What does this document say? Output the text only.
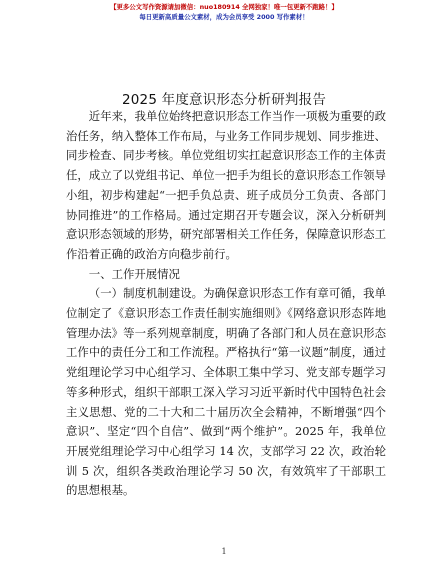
【更多公文写作资源请加微信：nuo180914 全网独家！唯一包更新不跑路！】
每日更新高质量公文素材，成为会员享受 2000 写作素材！
2025 年度意识形态分析研判报告

近年来，我单位始终把意识形态工作当作一项极为重要的政治任务，纳入整体工作布局，与业务工作同步规划、同步推进、同步检查、同步考核。单位党组切实扛起意识形态工作的主体责任，成立了以党组书记、单位一把手为组长的意识形态工作领导小组，初步构建起“一把手负总责、班子成员分工负责、各部门协同推进”的工作格局。通过定期召开专题会议，深入分析研判意识形态领域的形势，研究部署相关工作任务，保障意识形态工作沿着正确的政治方向稳步前行。

一、工作开展情况

（一）制度机制建设。为确保意识形态工作有章可循，我单位制定了《意识形态工作责任制实施细则》《网络意识形态阵地管理办法》等一系列规章制度，明确了各部门和人员在意识形态工作中的责任分工和工作流程。严格执行“第一议题”制度，通过党组理论学习中心组学习、全体职工集中学习、党支部专题学习等多种形式，组织干部职工深入学习习近平新时代中国特色社会主义思想、党的二十大和二十届历次全会精神，不断增强“四个意识”、坚定“四个自信”、做到“两个维护”。2025 年，我单位开展党组理论学习中心组学习 14 次，支部学习 22 次，政治轮训 5 次，组织各类政治理论学习 50 次，有效筑牢了干部职工的思想根基。

1
